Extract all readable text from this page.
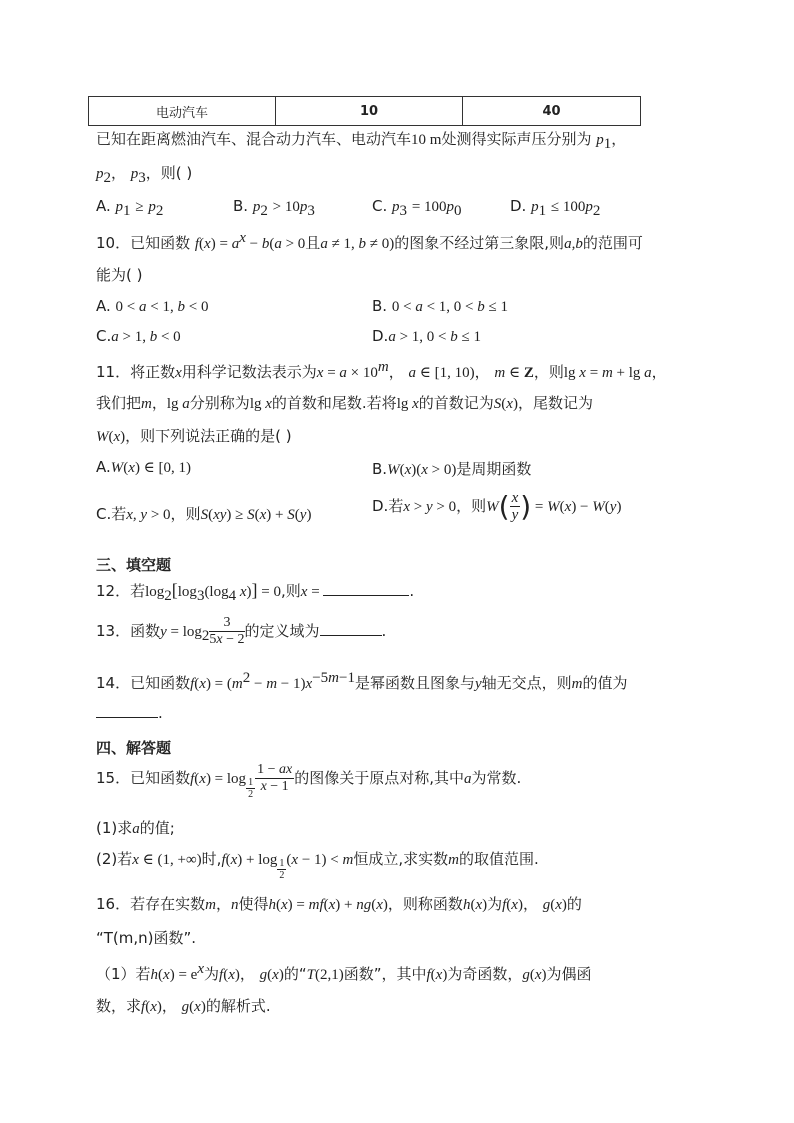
电动汽车	10	40
已知在距离燃油汽车、混合动力汽车、电动汽车10 m处测得实际声压分别为 $p_1$，
$p_2$， $p_3$，则( )
A. $p_1 \ge p_2$	B. $p_2 > 10p_3$	C. $p_3 = 100p_0$	D. $p_1 \le 100p_2$
10．已知函数 $f(x) = a^x - b(a > 0$且a ≠ 1, b ≠ 0)的图象不经过第三象限,则a,b的范围可
能为( )
A. 0 < a < 1, b < 0	B. 0 < a < 1, 0 < b ≤ 1
C.a > 1, b < 0	D.a > 1, 0 < b ≤ 1
11．将正数x用科学记数法表示为$x = a \times 10^m$， a ∈ [1, 10)， m ∈ Z，则lg x = m + lg a，
我们把m，lg a分别称为lg x的首数和尾数.若将lg x的首数记为S(x)，尾数记为
W(x)，则下列说法正确的是( )
A.W(x) ∈ [0, 1)	B.W(x)(x > 0)是周期函数
C.若x, y > 0，则S(xy) ≥ S(x) + S(y)	D.若x > y > 0，则$W( \frac{x}{y}$ ) = W(x) − W(y)
三、填空题
12．若$\log_2[\log_3(\log_4$ x)] = 0,则x =	.
13．函数$y = \log_2 \frac{3}{5x - 2}$ 的定义域为	.
14．已知函数$f(x) = (m^2 - m - 1)x^{-5m-1}$是幂函数且图象与y轴无交点，则m的值为
.
四、解答题
15．已知函数$f(x) = \log _{\frac{1}{2}} \frac{1 - ax}{x - 1}$ 的图像关于原点对称,其中a为常数.
(1)求a的值;
(2)若x ∈ (1, +∞)时,f(x) + log $_{\frac{1}{2}}$ (x − 1) < m恒成立,求实数m的取值范围.
16．若存在实数m，n使得h(x) = mf(x) + ng(x)，则称函数h(x)为f(x)， g(x)的
“T(m,n)函数”.
（1）若$h(x) = e^x$为f(x)， g(x)的“T(2,1)函数”，其中f(x)为奇函数，g(x)为偶函
数，求f(x)， g(x)的解析式.
